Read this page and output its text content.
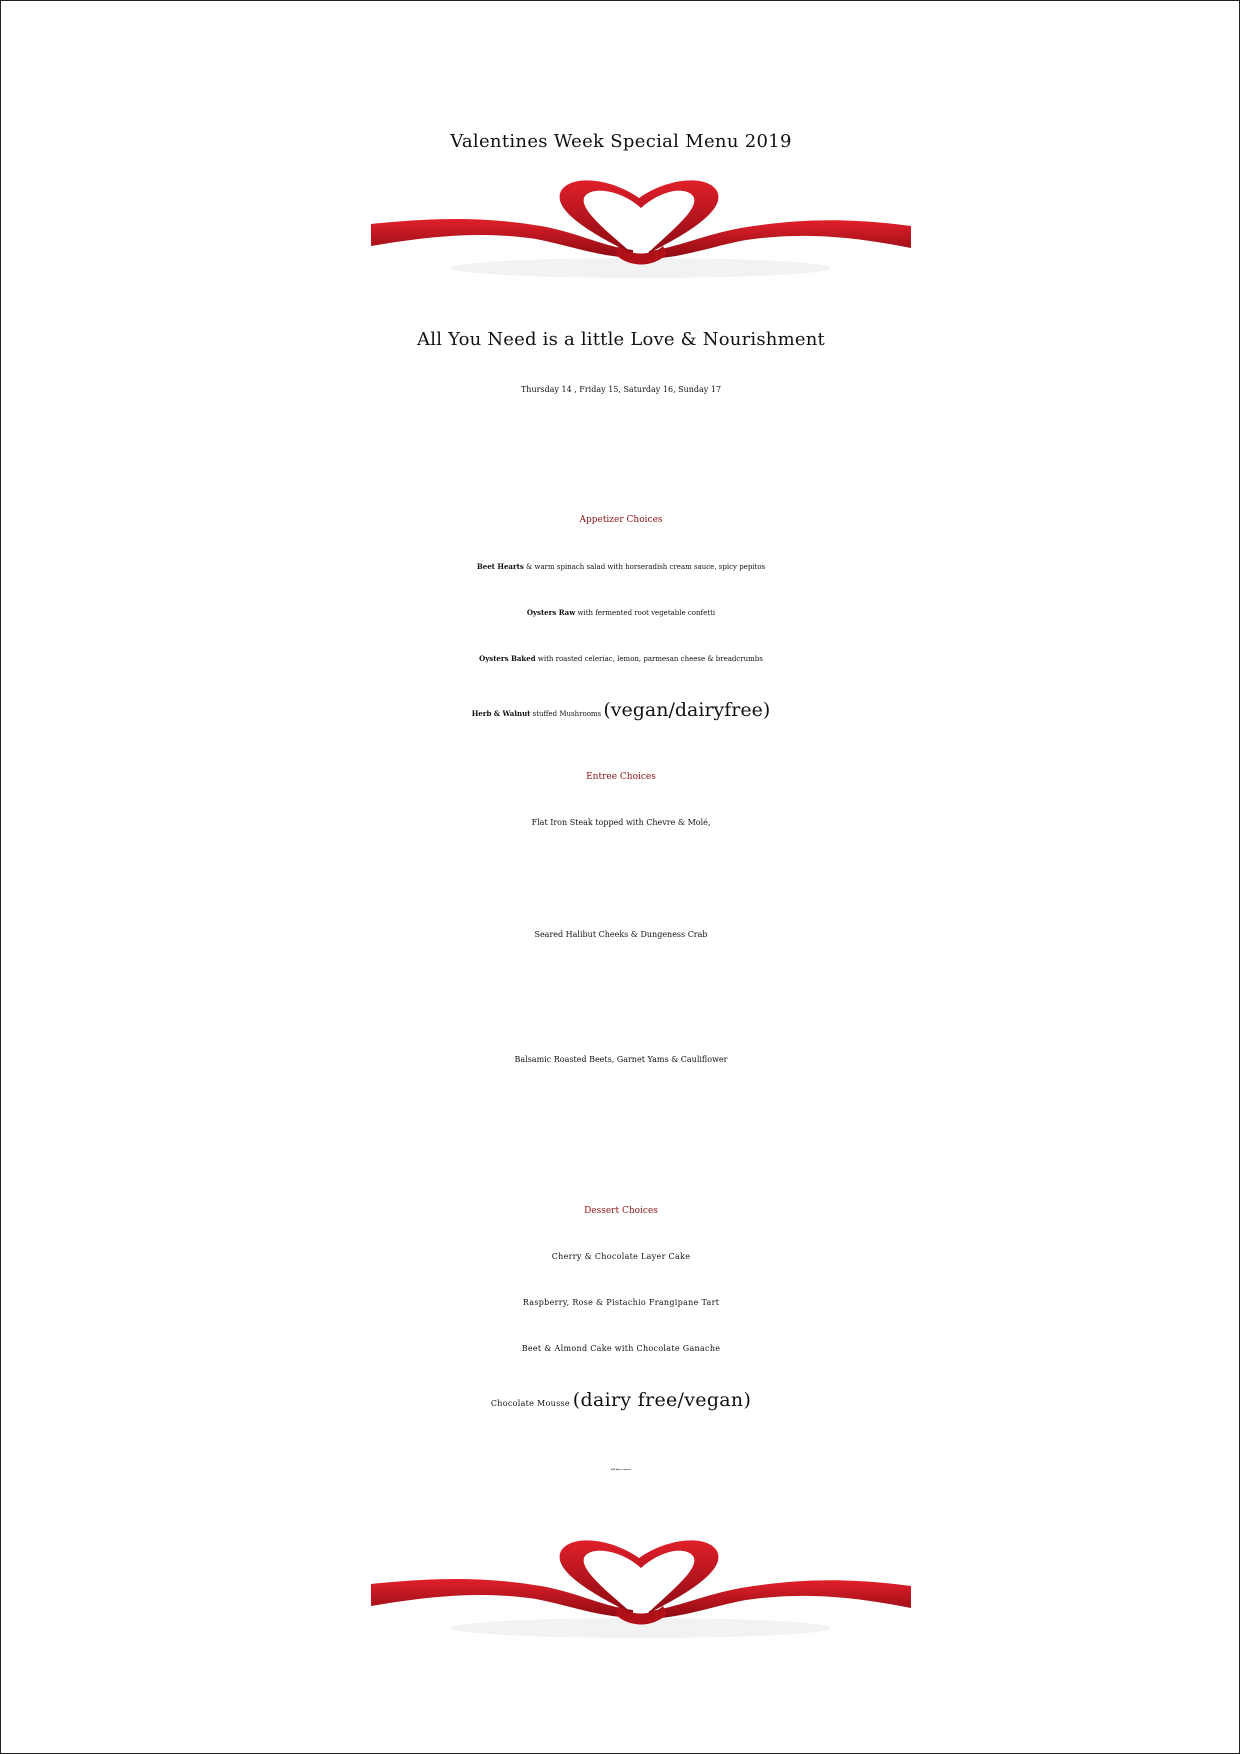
Valentines Week Special Menu 2019
All You Need is a little Love & Nourishment
Thursday 14 , Friday 15, Saturday 16, Sunday 17
Appetizer Choices
Beet Hearts & warm spinach salad with horseradish cream sauce, spicy pepitos
Oysters Raw with fermented root vegetable confetti
Oysters Baked with roasted celeriac, lemon, parmesan cheese & breadcrumbs
Herb & Walnut stuffed Mushrooms (vegan/dairyfree)
Entree Choices
Flat Iron Steak topped with Chevre & Molé,
Seared Halibut Cheeks & Dungeness Crab
Balsamic Roasted Beets, Garnet Yams & Cauliflower
Dessert Choices
Cherry & Chocolate Layer Cake
Raspberry, Rose & Pistachio Frangipane Tart
Beet & Almond Cake with Chocolate Ganache
Chocolate Mousse (dairy free/vegan)
$48 three-courses
